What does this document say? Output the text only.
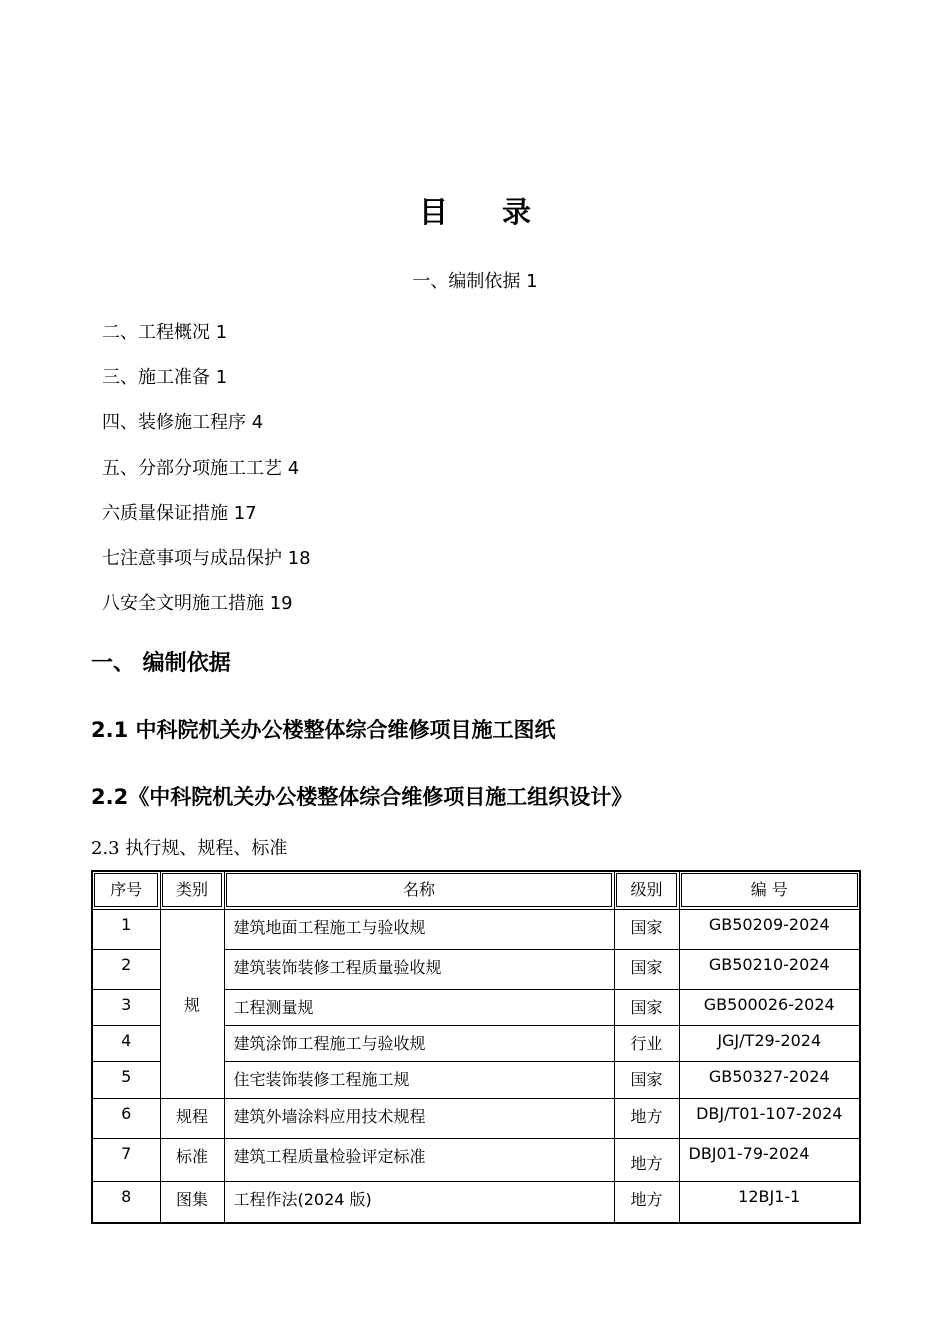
目 录
一、编制依据 1
二、工程概况 1
三、施工准备 1
四、装修施工程序 4
五、分部分项施工工艺 4
六质量保证措施 17
七注意事项与成品保护 18
八安全文明施工措施 19
一、 编制依据
2.1 中科院机关办公楼整体综合维修项目施工图纸
2.2《中科院机关办公楼整体综合维修项目施工组织设计》
2.3 执行规、规程、标准
序号	类别	名称	级别	编 号

1	规	建筑地面工程施工与验收规	国家	GB50209-2024

2		建筑装饰装修工程质量验收规	国家	GB50210-2024

3		工程测量规	国家	GB500026-2024

4		建筑涂饰工程施工与验收规	行业	JGJ/T29-2024

5		住宅装饰装修工程施工规	国家	GB50327-2024

6	规程	建筑外墙涂料应用技术规程	地方	DBJ/T01-107-2024

7	标准	建筑工程质量检验评定标准	地方	DBJ01-79-2024

8	图集	工程作法(2024 版)	地方	12BJ1-1
